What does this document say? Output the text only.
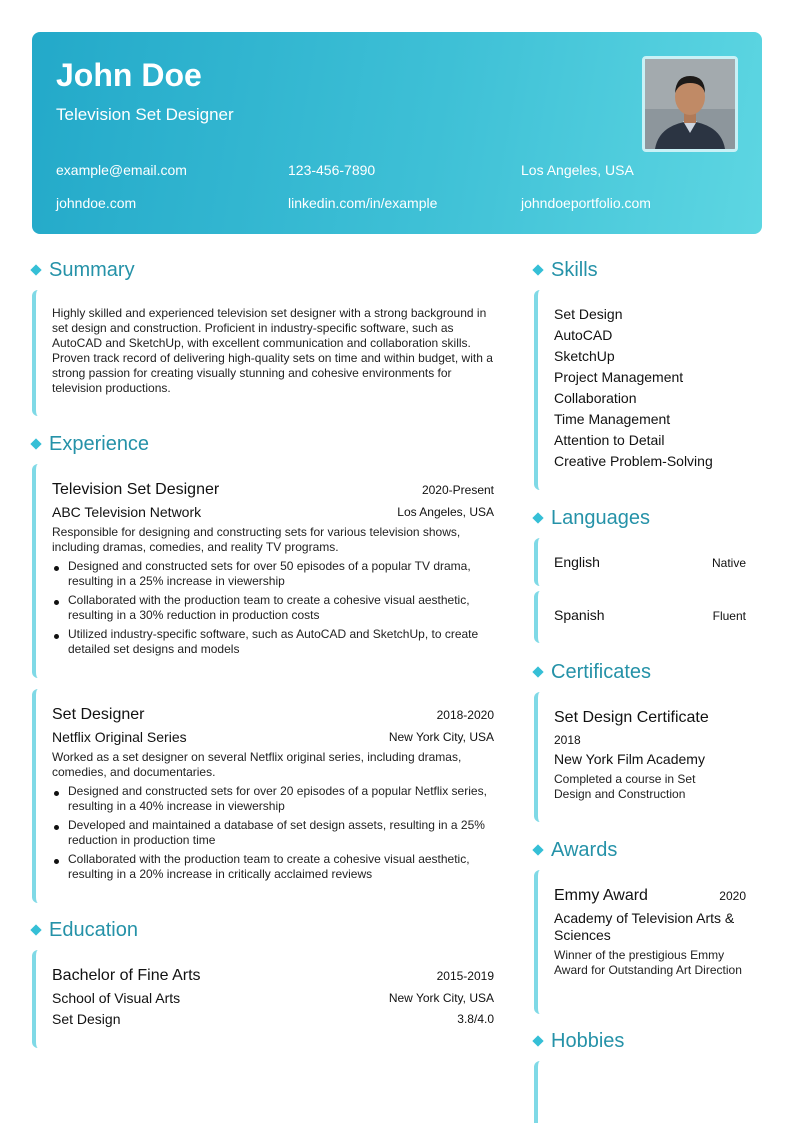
John Doe
Television Set Designer
example@email.com	123-456-7890	Los Angeles, USA
johndoe.com	linkedin.com/in/example	johndoeportfolio.com
Summary
Highly skilled and experienced television set designer with a strong background in set design and construction. Proficient in industry-specific software, such as AutoCAD and SketchUp, with excellent communication and collaboration skills. Proven track record of delivering high-quality sets on time and within budget, with a strong passion for creating visually stunning and cohesive environments for television productions.
Experience
Television Set Designer	2020-Present
ABC Television Network	Los Angeles, USA
Responsible for designing and constructing sets for various television shows, including dramas, comedies, and reality TV programs.
Designed and constructed sets for over 50 episodes of a popular TV drama, resulting in a 25% increase in viewership
Collaborated with the production team to create a cohesive visual aesthetic, resulting in a 30% reduction in production costs
Utilized industry-specific software, such as AutoCAD and SketchUp, to create detailed set designs and models
Set Designer	2018-2020
Netflix Original Series	New York City, USA
Worked as a set designer on several Netflix original series, including dramas, comedies, and documentaries.
Designed and constructed sets for over 20 episodes of a popular Netflix series, resulting in a 40% increase in viewership
Developed and maintained a database of set design assets, resulting in a 25% reduction in production time
Collaborated with the production team to create a cohesive visual aesthetic, resulting in a 20% increase in critically acclaimed reviews
Education
Bachelor of Fine Arts	2015-2019
School of Visual Arts	New York City, USA
Set Design	3.8/4.0
Skills
Set Design
AutoCAD
SketchUp
Project Management
Collaboration
Time Management
Attention to Detail
Creative Problem-Solving
Languages
English	Native
Spanish	Fluent
Certificates
Set Design Certificate
2018
New York Film Academy
Completed a course in Set Design and Construction
Awards
Emmy Award	2020
Academy of Television Arts & Sciences
Winner of the prestigious Emmy Award for Outstanding Art Direction
Hobbies
